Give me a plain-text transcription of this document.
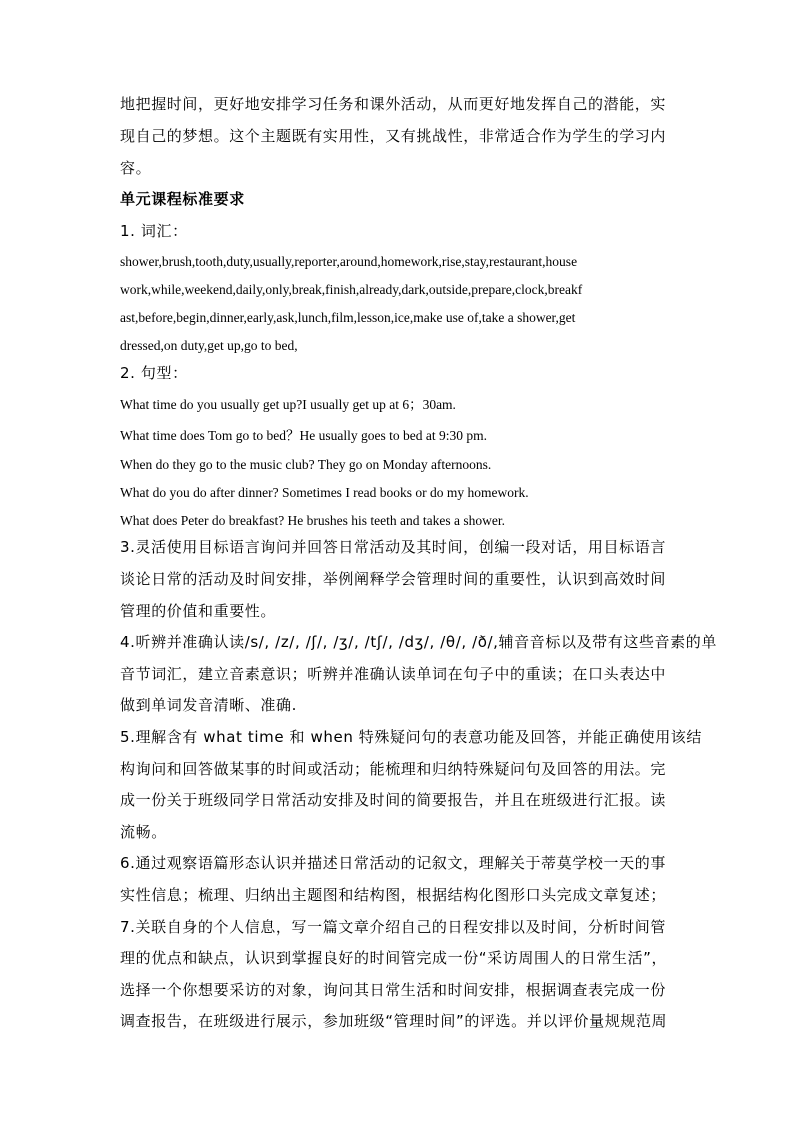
地把握时间，更好地安排学习任务和课外活动，从而更好地发挥自己的潜能，实
现自己的梦想。这个主题既有实用性，又有挑战性，非常适合作为学生的学习内
容。
单元课程标准要求
1. 词汇：
shower,brush,tooth,duty,usually,reporter,around,homework,rise,stay,restaurant,house
work,while,weekend,daily,only,break,finish,already,dark,outside,prepare,clock,breakf
ast,before,begin,dinner,early,ask,lunch,film,lesson,ice,make use of,take a shower,get
dressed,on duty,get up,go to bed,
2. 句型：
What time do you usually get up?I usually get up at 6；30am.
What time does Tom go to bed？He usually goes to bed at 9:30 pm.
When do they go to the music club? They go on Monday afternoons.
What do you do after dinner? Sometimes I read books or do my homework.
What does Peter do breakfast? He brushes his teeth and takes a shower.
3.灵活使用目标语言询问并回答日常活动及其时间，创编一段对话，用目标语言
谈论日常的活动及时间安排，举例阐释学会管理时间的重要性，认识到高效时间
管理的价值和重要性。
4.听辨并准确认读/s/, /z/, /ʃ/, /ʒ/, /tʃ/, /dʒ/, /θ/, /ð/,辅音音标以及带有这些音素的单
音节词汇，建立音素意识；听辨并准确认读单词在句子中的重读；在口头表达中
做到单词发音清晰、准确.
5.理解含有 what time 和 when 特殊疑问句的表意功能及回答，并能正确使用该结
构询问和回答做某事的时间或活动；能梳理和归纳特殊疑问句及回答的用法。完
成一份关于班级同学日常活动安排及时间的简要报告，并且在班级进行汇报。读
流畅。
6.通过观察语篇形态认识并描述日常活动的记叙文，理解关于蒂莫学校一天的事
实性信息；梳理、归纳出主题图和结构图，根据结构化图形口头完成文章复述；
7.关联自身的个人信息，写一篇文章介绍自己的日程安排以及时间，分析时间管
理的优点和缺点，认识到掌握良好的时间管完成一份“采访周围人的日常生活”，
选择一个你想要采访的对象，询问其日常生活和时间安排，根据调查表完成一份
调查报告，在班级进行展示，参加班级“管理时间”的评选。并以评价量规规范周
